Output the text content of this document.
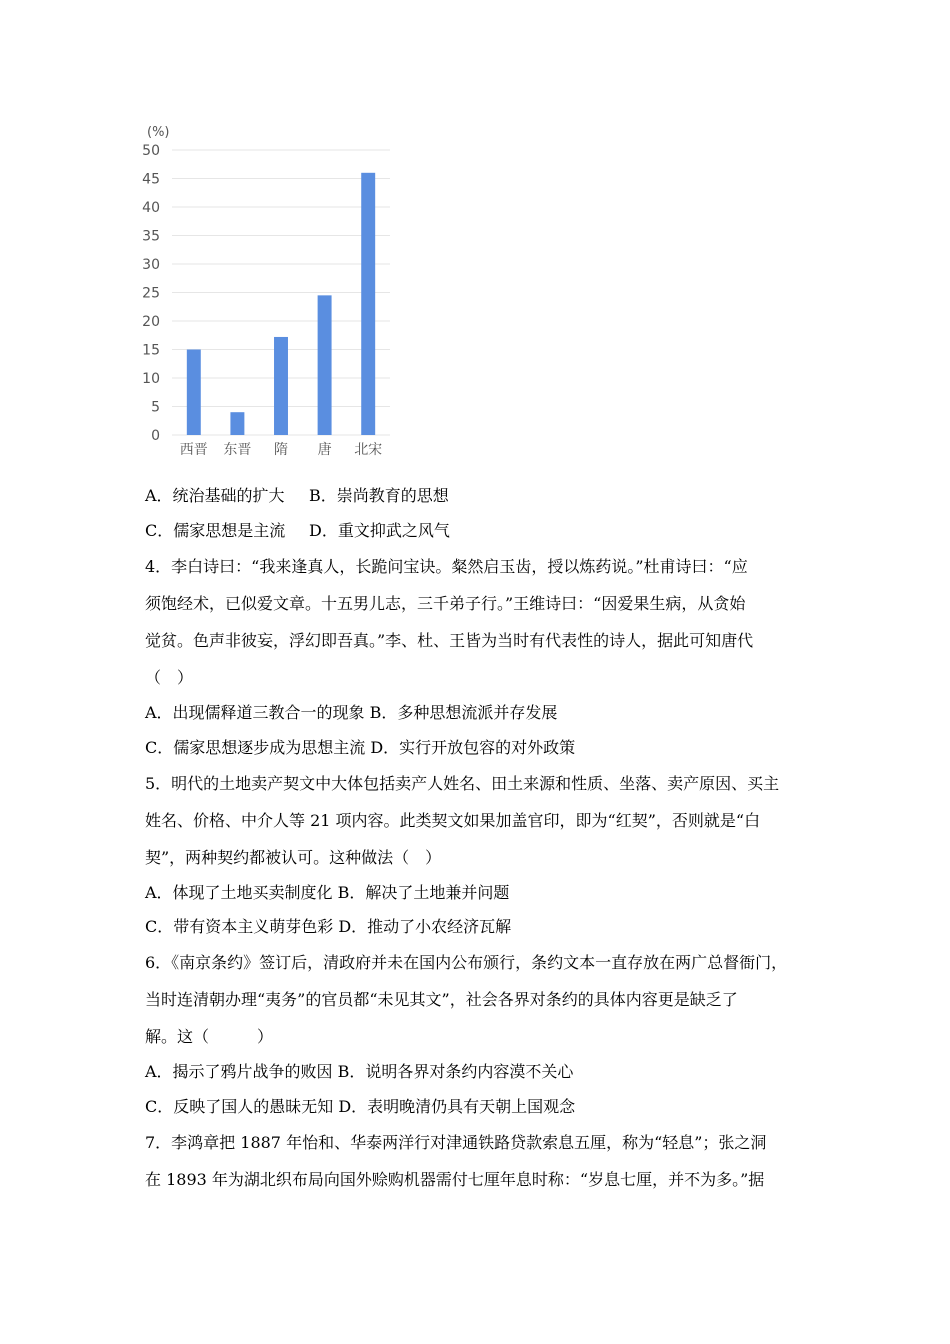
(%)
0
5
10
15
20
25
30
35
40
45
50
西晋 东晋 隋 唐 北宋
A．统治基础的扩大 B．崇尚教育的思想
C．儒家思想是主流 D．重文抑武之风气
4．李白诗曰：“我来逢真人，长跪问宝诀。粲然启玉齿，授以炼药说。”杜甫诗曰：“应
须饱经术，已似爱文章。十五男儿志，三千弟子行。”王维诗曰：“因爱果生病，从贪始
觉贫。色声非彼妄，浮幻即吾真。”李、杜、王皆为当时有代表性的诗人，据此可知唐代
（　）
A．出现儒释道三教合一的现象 B．多种思想流派并存发展
C．儒家思想逐步成为思想主流 D．实行开放包容的对外政策
5．明代的土地卖产契文中大体包括卖产人姓名、田土来源和性质、坐落、卖产原因、买主
姓名、价格、中介人等 21 项内容。此类契文如果加盖官印，即为“红契”，否则就是“白
契”，两种契约都被认可。这种做法（　）
A．体现了土地买卖制度化 B．解决了土地兼并问题
C．带有资本主义萌芽色彩 D．推动了小农经济瓦解
6．《南京条约》签订后，清政府并未在国内公布颁行，条约文本一直存放在两广总督衙门，
当时连清朝办理“夷务”的官员都“未见其文”，社会各界对条约的具体内容更是缺乏了
解。这（　　　）
A．揭示了鸦片战争的败因 B．说明各界对条约内容漠不关心
C．反映了国人的愚昧无知 D．表明晚清仍具有天朝上国观念
7．李鸿章把 1887 年怡和、华泰两洋行对津通铁路贷款索息五厘，称为“轻息”；张之洞
在 1893 年为湖北织布局向国外赊购机器需付七厘年息时称：“岁息七厘，并不为多。”据
